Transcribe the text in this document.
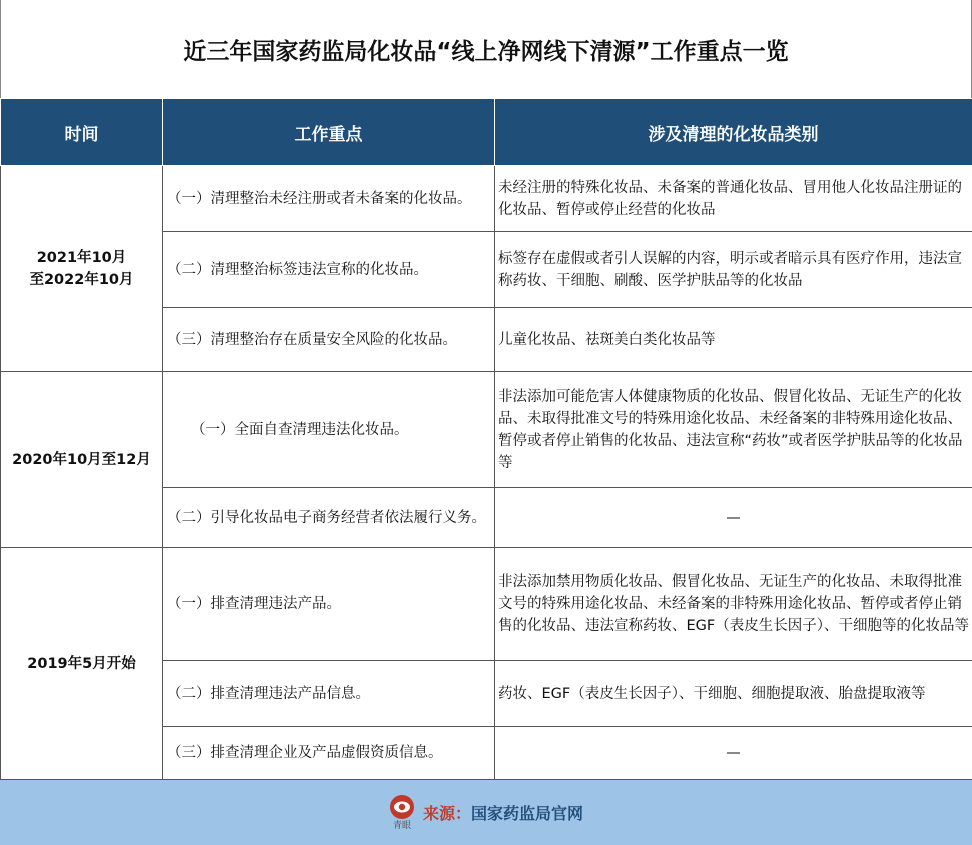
近三年国家药监局化妆品“线上净网线下清源”工作重点一览
时间	工作重点	涉及清理的化妆品类别

2021年10月
至2022年10月	（一）清理整治未经注册或者未备案的化妆品。	未经注册的特殊化妆品、未备案的普通化妆品、冒用他人化妆品注册证的化妆品、暂停或停止经营的化妆品
	（二）清理整治标签违法宣称的化妆品。	标签存在虚假或者引人误解的内容，明示或者暗示具有医疗作用，违法宣称药妆、干细胞、刷酸、医学护肤品等的化妆品
	（三）清理整治存在质量安全风险的化妆品。	儿童化妆品、祛斑美白类化妆品等

2020年10月至12月	（一）全面自查清理违法化妆品。	非法添加可能危害人体健康物质的化妆品、假冒化妆品、无证生产的化妆品、未取得批准文号的特殊用途化妆品、未经备案的非特殊用途化妆品、暂停或者停止销售的化妆品、违法宣称“药妆”或者医学护肤品等的化妆品等
	（二）引导化妆品电子商务经营者依法履行义务。	—

2019年5月开始	（一）排查清理违法产品。	非法添加禁用物质化妆品、假冒化妆品、无证生产的化妆品、未取得批准文号的特殊用途化妆品、未经备案的非特殊用途化妆品、暂停或者停止销售的化妆品、违法宣称药妆、EGF（表皮生长因子）、干细胞等的化妆品等
	（二）排查清理违法产品信息。	药妆、EGF（表皮生长因子）、干细胞、细胞提取液、胎盘提取液等
	（三）排查清理企业及产品虚假资质信息。	—
青眼
来源： 国家药监局官网
